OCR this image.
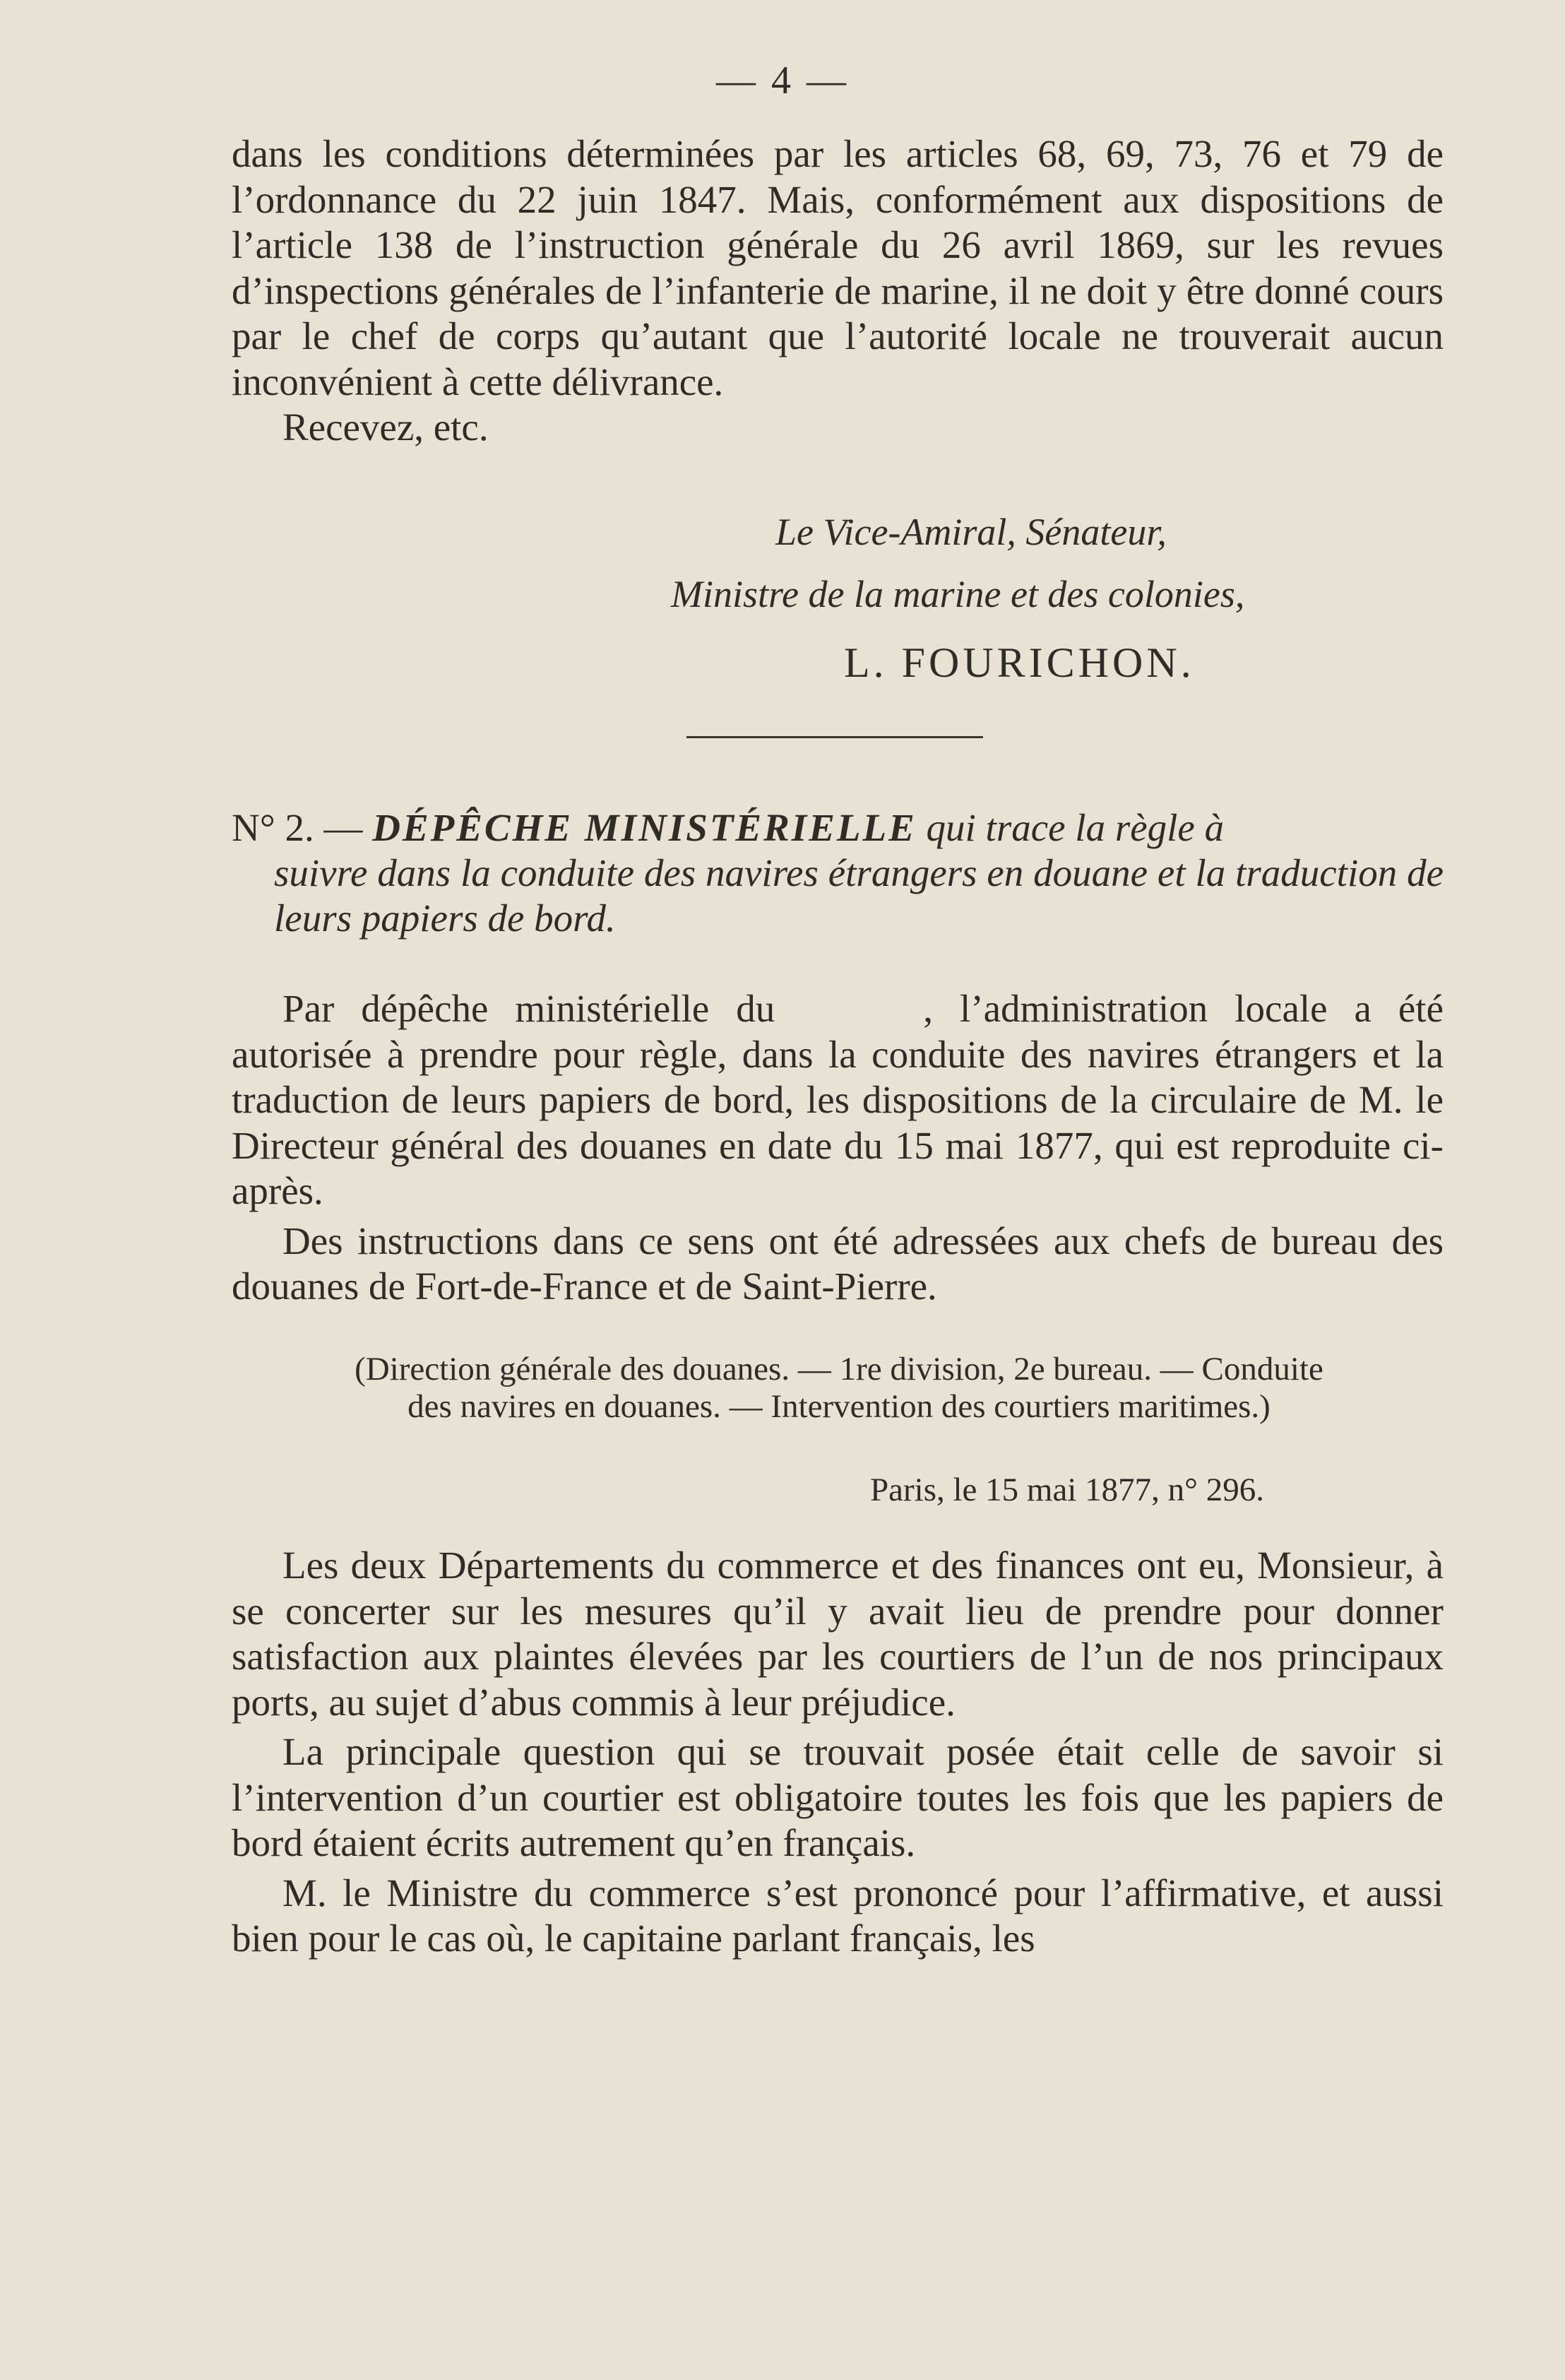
— 4 —

dans les conditions déterminées par les articles 68, 69, 73, 76 et 79 de l’ordonnance du 22 juin 1847. Mais, conformément aux dispositions de l’article 138 de l’instruction générale du 26 avril 1869, sur les revues d’inspections générales de l’infanterie de marine, il ne doit y être donné cours par le chef de corps qu’autant que l’autorité locale ne trouverait aucun inconvénient à cette délivrance.

Recevez, etc.

Le Vice-Amiral, Sénateur,
Ministre de la marine et des colonies,
L. FOURICHON.
N° 2. — DÉPÊCHE MINISTÉRIELLE qui trace la règle à
suivre dans la conduite des navires étrangers en douane et la traduction de leurs papiers de bord.

Par dépêche ministérielle du	, l’administration locale a été autorisée à prendre pour règle, dans la conduite des navires étrangers et la traduction de leurs papiers de bord, les dispositions de la circulaire de M. le Directeur général des douanes en date du 15 mai 1877, qui est reproduite ci-après.

Des instructions dans ce sens ont été adressées aux chefs de bureau des douanes de Fort-de-France et de Saint-Pierre.

(Direction générale des douanes. — 1re division, 2e bureau. — Conduite
des navires en douanes. — Intervention des courtiers maritimes.)
Paris, le 15 mai 1877, n° 296.

Les deux Départements du commerce et des finances ont eu, Monsieur, à se concerter sur les mesures qu’il y avait lieu de prendre pour donner satisfaction aux plaintes élevées par les courtiers de l’un de nos principaux ports, au sujet d’abus commis à leur préjudice.

La principale question qui se trouvait posée était celle de savoir si l’intervention d’un courtier est obligatoire toutes les fois que les papiers de bord étaient écrits autrement qu’en français.

M. le Ministre du commerce s’est prononcé pour l’affirmative, et aussi bien pour le cas où, le capitaine parlant français, les
